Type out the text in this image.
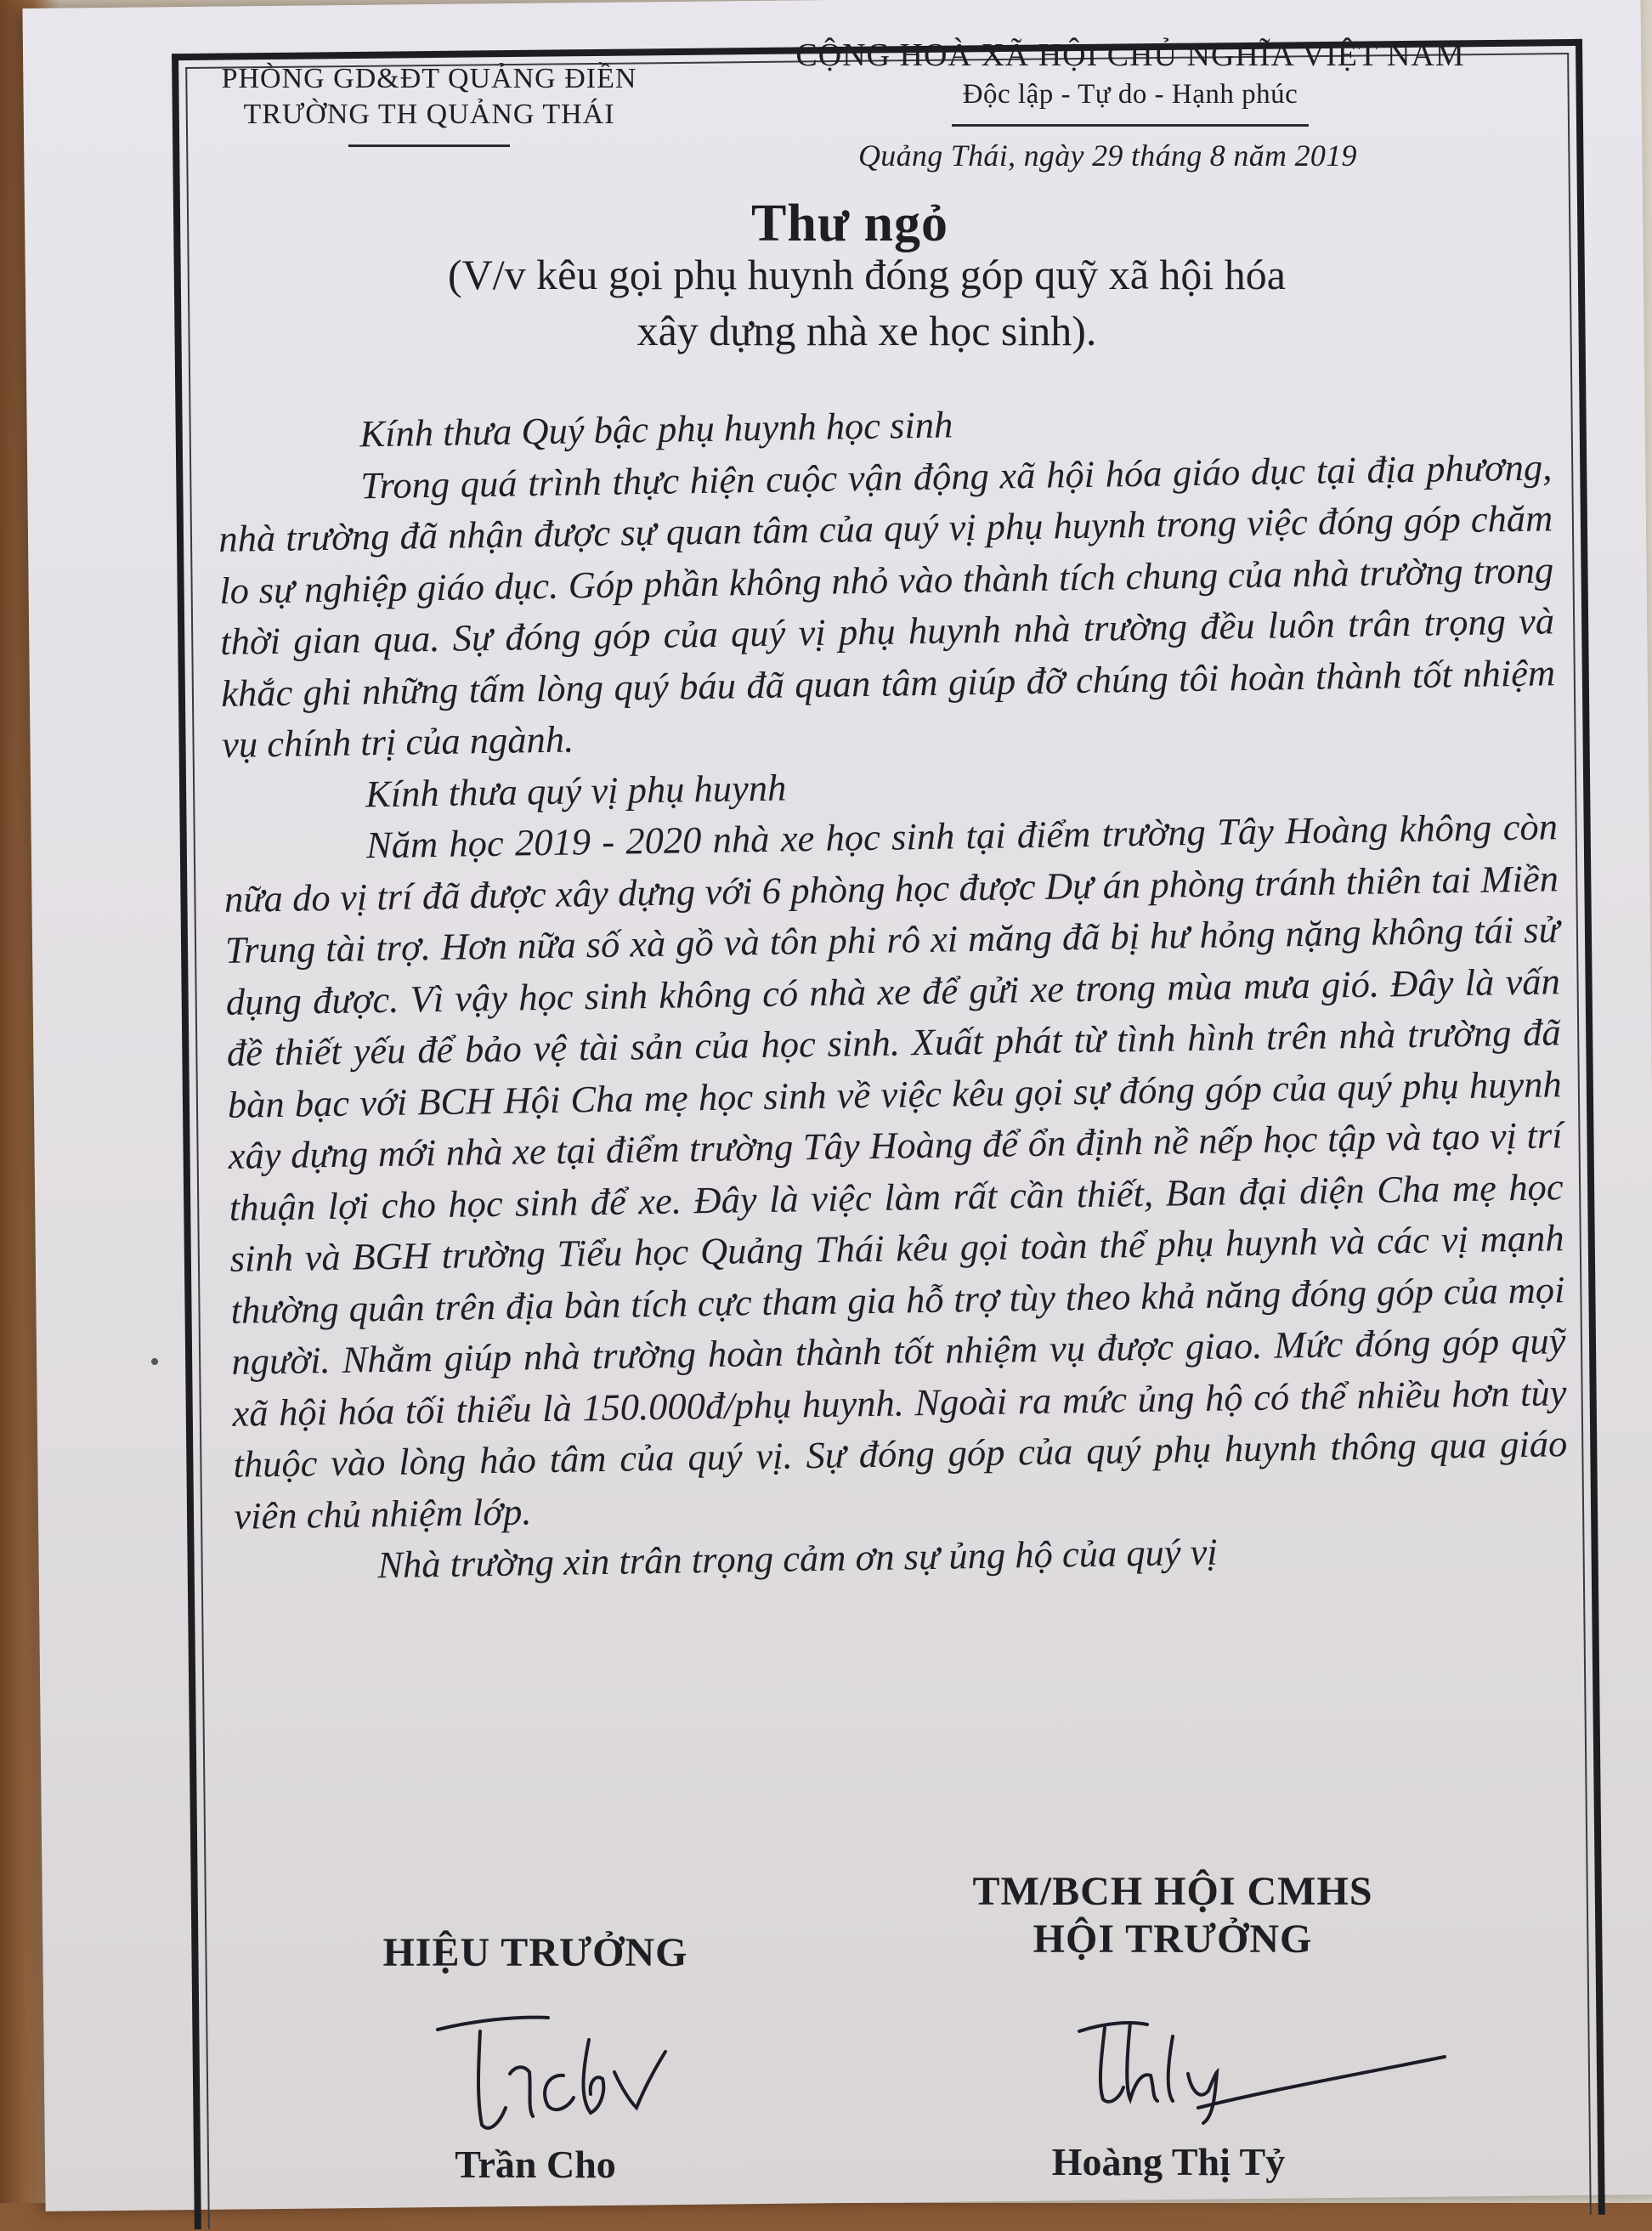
PHÒNG GD&ĐT QUẢNG ĐIỀN
TRƯỜNG TH QUẢNG THÁI
CỘNG HOÀ XÃ HỘI CHỦ NGHĨA VIỆT NAM
Độc lập - Tự do - Hạnh phúc
Quảng Thái, ngày 29 tháng 8 năm 2019
Thư ngỏ
(V/v kêu gọi phụ huynh đóng góp quỹ xã hội hóa
xây dựng nhà xe học sinh).

Kính thưa Quý bậc phụ huynh học sinh

Trong quá trình thực hiện cuộc vận động xã hội hóa giáo dục tại địa phương, nhà trường đã nhận được sự quan tâm của quý vị phụ huynh trong việc đóng góp chăm lo sự nghiệp giáo dục. Góp phần không nhỏ vào thành tích chung của nhà trường trong thời gian qua. Sự đóng góp của quý vị phụ huynh nhà trường đều luôn trân trọng và khắc ghi những tấm lòng quý báu đã quan tâm giúp đỡ chúng tôi hoàn thành tốt nhiệm vụ chính trị của ngành.

Kính thưa quý vị phụ huynh

Năm học 2019 - 2020 nhà xe học sinh tại điểm trường Tây Hoàng không còn nữa do vị trí đã được xây dựng với 6 phòng học được Dự án phòng tránh thiên tai Miền Trung tài trợ. Hơn nữa số xà gồ và tôn phi rô xi măng đã bị hư hỏng nặng không tái sử dụng được. Vì vậy học sinh không có nhà xe để gửi xe trong mùa mưa gió. Đây là vấn đề thiết yếu để bảo vệ tài sản của học sinh. Xuất phát từ tình hình trên nhà trường đã bàn bạc với BCH Hội Cha mẹ học sinh về việc kêu gọi sự đóng góp của quý phụ huynh xây dựng mới nhà xe tại điểm trường Tây Hoàng để ổn định nề nếp học tập và tạo vị trí thuận lợi cho học sinh để xe. Đây là việc làm rất cần thiết, Ban đại diện Cha mẹ học sinh và BGH trường Tiểu học Quảng Thái kêu gọi toàn thể phụ huynh và các vị mạnh thường quân trên địa bàn tích cực tham gia hỗ trợ tùy theo khả năng đóng góp của mọi người. Nhằm giúp nhà trường hoàn thành tốt nhiệm vụ được giao. Mức đóng góp quỹ xã hội hóa tối thiểu là 150.000đ/phụ huynh. Ngoài ra mức ủng hộ có thể nhiều hơn tùy thuộc vào lòng hảo tâm của quý vị. Sự đóng góp của quý phụ huynh thông qua giáo viên chủ nhiệm lớp.

Nhà trường xin trân trọng cảm ơn sự ủng hộ của quý vị

HIỆU TRƯỞNG
TM/BCH HỘI CMHS
HỘI TRƯỞNG
Trần Cho	Hoàng Thị Tỷ
